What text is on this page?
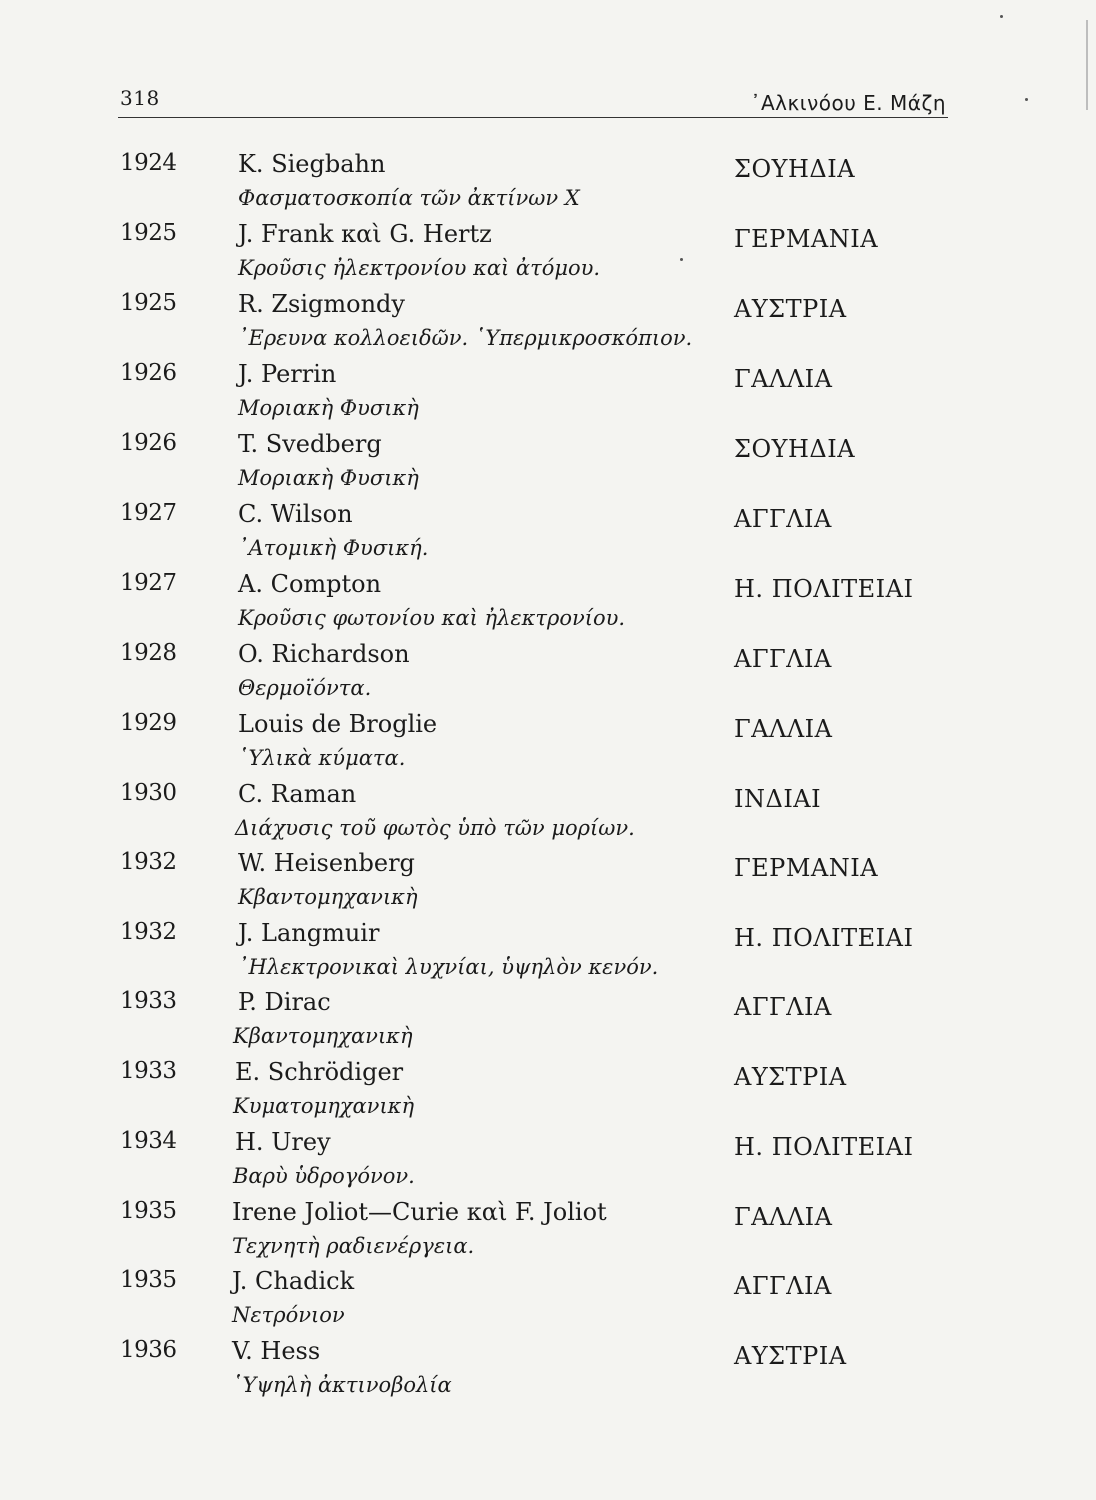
318	᾽Αλκινόου Ε. Μάζη
1924	K. Siegbahn	ΣΟΥΗΔΙΑ
Φασματοσκοπία τῶν ἀκτίνων Χ
1925	J. Frank καὶ G. Hertz	ΓΕΡΜΑΝΙΑ
Κροῦσις ἠλεκτρονίου καὶ ἀτόμου.
1925	R. Zsigmondy	ΑΥΣΤΡΙΑ
᾽Ερευνα κολλοειδῶν. ῾Υπερμικροσκόπιον.
1926	J. Perrin	ΓΑΛΛΙΑ
Μοριακὴ Φυσικὴ
1926	T. Svedberg	ΣΟΥΗΔΙΑ
Μοριακὴ Φυσικὴ
1927	C. Wilson	ΑΓΓΛΙΑ
᾽Ατομικὴ Φυσική.
1927	A. Compton	Η. ΠΟΛΙΤΕΙΑΙ
Κροῦσις φωτονίου καὶ ἠλεκτρονίου.
1928	O. Richardson	ΑΓΓΛΙΑ
Θερμοϊόντα.
1929	Louis de Broglie	ΓΑΛΛΙΑ
῾Υλικὰ κύματα.
1930	C. Raman	ΙΝΔΙΑΙ
Διάχυσις τοῦ φωτὸς ὑπὸ τῶν μορίων.
1932	W. Heisenberg	ΓΕΡΜΑΝΙΑ
Κβαντομηχανικὴ
1932	J. Langmuir	Η. ΠΟΛΙΤΕΙΑΙ
᾽Ηλεκτρονικαὶ λυχνίαι, ὑψηλὸν κενόν.
1933	P. Dirac	ΑΓΓΛΙΑ
Κβαντομηχανικὴ
1933 E. Schrödiger	ΑΥΣΤΡΙΑ
Κυματομηχανικὴ
1934 H. Urey	Η. ΠΟΛΙΤΕΙΑΙ
Βαρὺ ὑδρογόνον.
1935 Irene Joliot—Curie καὶ F. Joliot	ΓΑΛΛΙΑ
Τεχνητὴ ραδιενέργεια.
1935 J. Chadick	ΑΓΓΛΙΑ
Νετρόνιον
1936 V. Hess	ΑΥΣΤΡΙΑ
῾Υψηλὴ ἀκτινοβολία
